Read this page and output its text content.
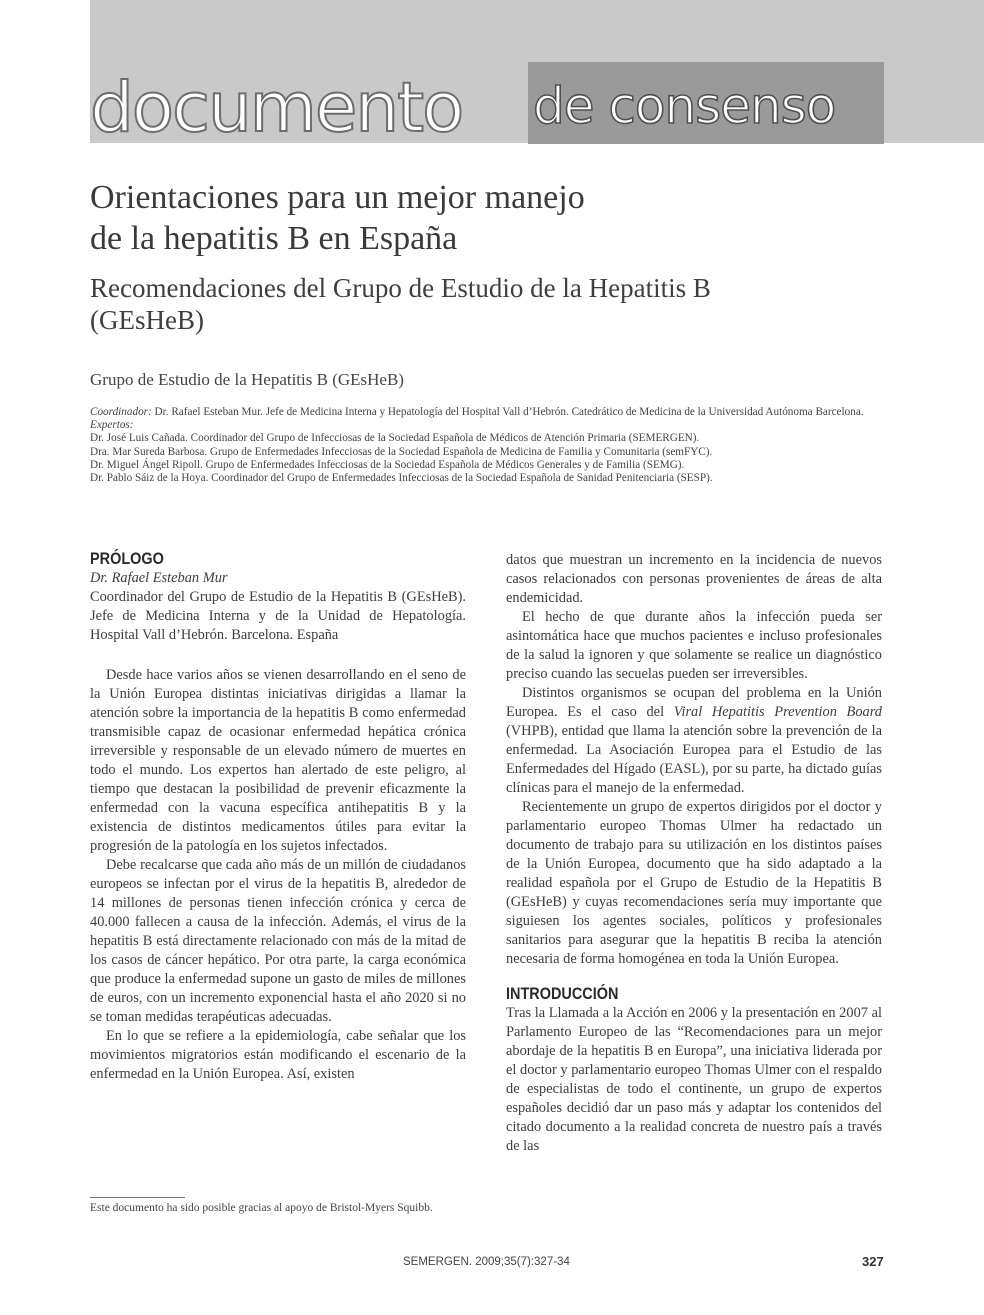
documento de consenso
Orientaciones para un mejor manejo
de la hepatitis B en España
Recomendaciones del Grupo de Estudio de la Hepatitis B
(GEsHeB)
Grupo de Estudio de la Hepatitis B (GEsHeB)

Coordinador: Dr. Rafael Esteban Mur. Jefe de Medicina Interna y Hepatología del Hospital Vall d’Hebrón. Catedrático de Medicina de la Universidad Autónoma Barcelona.

Expertos:

Dr. José Luis Cañada. Coordinador del Grupo de Infecciosas de la Sociedad Española de Médicos de Atención Primaria (SEMERGEN).

Dra. Mar Sureda Barbosa. Grupo de Enfermedades Infecciosas de la Sociedad Española de Medicina de Familia y Comunitaria (semFYC).

Dr. Miguel Ángel Ripoll. Grupo de Enfermedades Infecciosas de la Sociedad Española de Médicos Generales y de Familia (SEMG).

Dr. Pablo Sáiz de la Hoya. Coordinador del Grupo de Enfermedades Infecciosas de la Sociedad Española de Sanidad Penitenciaria (SESP).

PRÓLOGO

Dr. Rafael Esteban Mur

Coordinador del Grupo de Estudio de la Hepatitis B (GEsHeB). Jefe de Medicina Interna y de la Unidad de Hepatología. Hospital Vall d’Hebrón. Barcelona. España

Desde hace varios años se vienen desarrollando en el seno de la Unión Europea distintas iniciativas dirigidas a llamar la atención sobre la importancia de la hepatitis B como enfermedad transmisible capaz de ocasionar enfermedad hepática crónica irreversible y responsable de un elevado número de muertes en todo el mundo. Los expertos han alertado de este peligro, al tiempo que destacan la posibilidad de prevenir eficazmente la enfermedad con la vacuna específica antihepatitis B y la existencia de distintos medicamentos útiles para evitar la progresión de la patología en los sujetos infectados.

Debe recalcarse que cada año más de un millón de ciudadanos europeos se infectan por el virus de la hepatitis B, alrededor de 14 millones de personas tienen infección crónica y cerca de 40.000 fallecen a causa de la infección. Además, el virus de la hepatitis B está directamente relacionado con más de la mitad de los casos de cáncer hepático. Por otra parte, la carga económica que produce la enfermedad supone un gasto de miles de millones de euros, con un incremento exponencial hasta el año 2020 si no se toman medidas terapéuticas adecuadas.

En lo que se refiere a la epidemiología, cabe señalar que los movimientos migratorios están modificando el escenario de la enfermedad en la Unión Europea. Así, existen

datos que muestran un incremento en la incidencia de nuevos casos relacionados con personas provenientes de áreas de alta endemicidad.

El hecho de que durante años la infección pueda ser asintomática hace que muchos pacientes e incluso profesionales de la salud la ignoren y que solamente se realice un diagnóstico preciso cuando las secuelas pueden ser irreversibles.

Distintos organismos se ocupan del problema en la Unión Europea. Es el caso del Viral Hepatitis Prevention Board (VHPB), entidad que llama la atención sobre la prevención de la enfermedad. La Asociación Europea para el Estudio de las Enfermedades del Hígado (EASL), por su parte, ha dictado guías clínicas para el manejo de la enfermedad.

Recientemente un grupo de expertos dirigidos por el doctor y parlamentario europeo Thomas Ulmer ha redactado un documento de trabajo para su utilización en los distintos países de la Unión Europea, documento que ha sido adaptado a la realidad española por el Grupo de Estudio de la Hepatitis B (GEsHeB) y cuyas recomendaciones sería muy importante que siguiesen los agentes sociales, políticos y profesionales sanitarios para asegurar que la hepatitis B reciba la atención necesaria de forma homogénea en toda la Unión Europea.

INTRODUCCIÓN

Tras la Llamada a la Acción en 2006 y la presentación en 2007 al Parlamento Europeo de las “Recomendaciones para un mejor abordaje de la hepatitis B en Europa”, una iniciativa liderada por el doctor y parlamentario europeo Thomas Ulmer con el respaldo de especialistas de todo el continente, un grupo de expertos españoles decidió dar un paso más y adaptar los contenidos del citado documento a la realidad concreta de nuestro país a través de las

Este documento ha sido posible gracias al apoyo de Bristol-Myers Squibb.
SEMERGEN. 2009;35(7):327-34	327
